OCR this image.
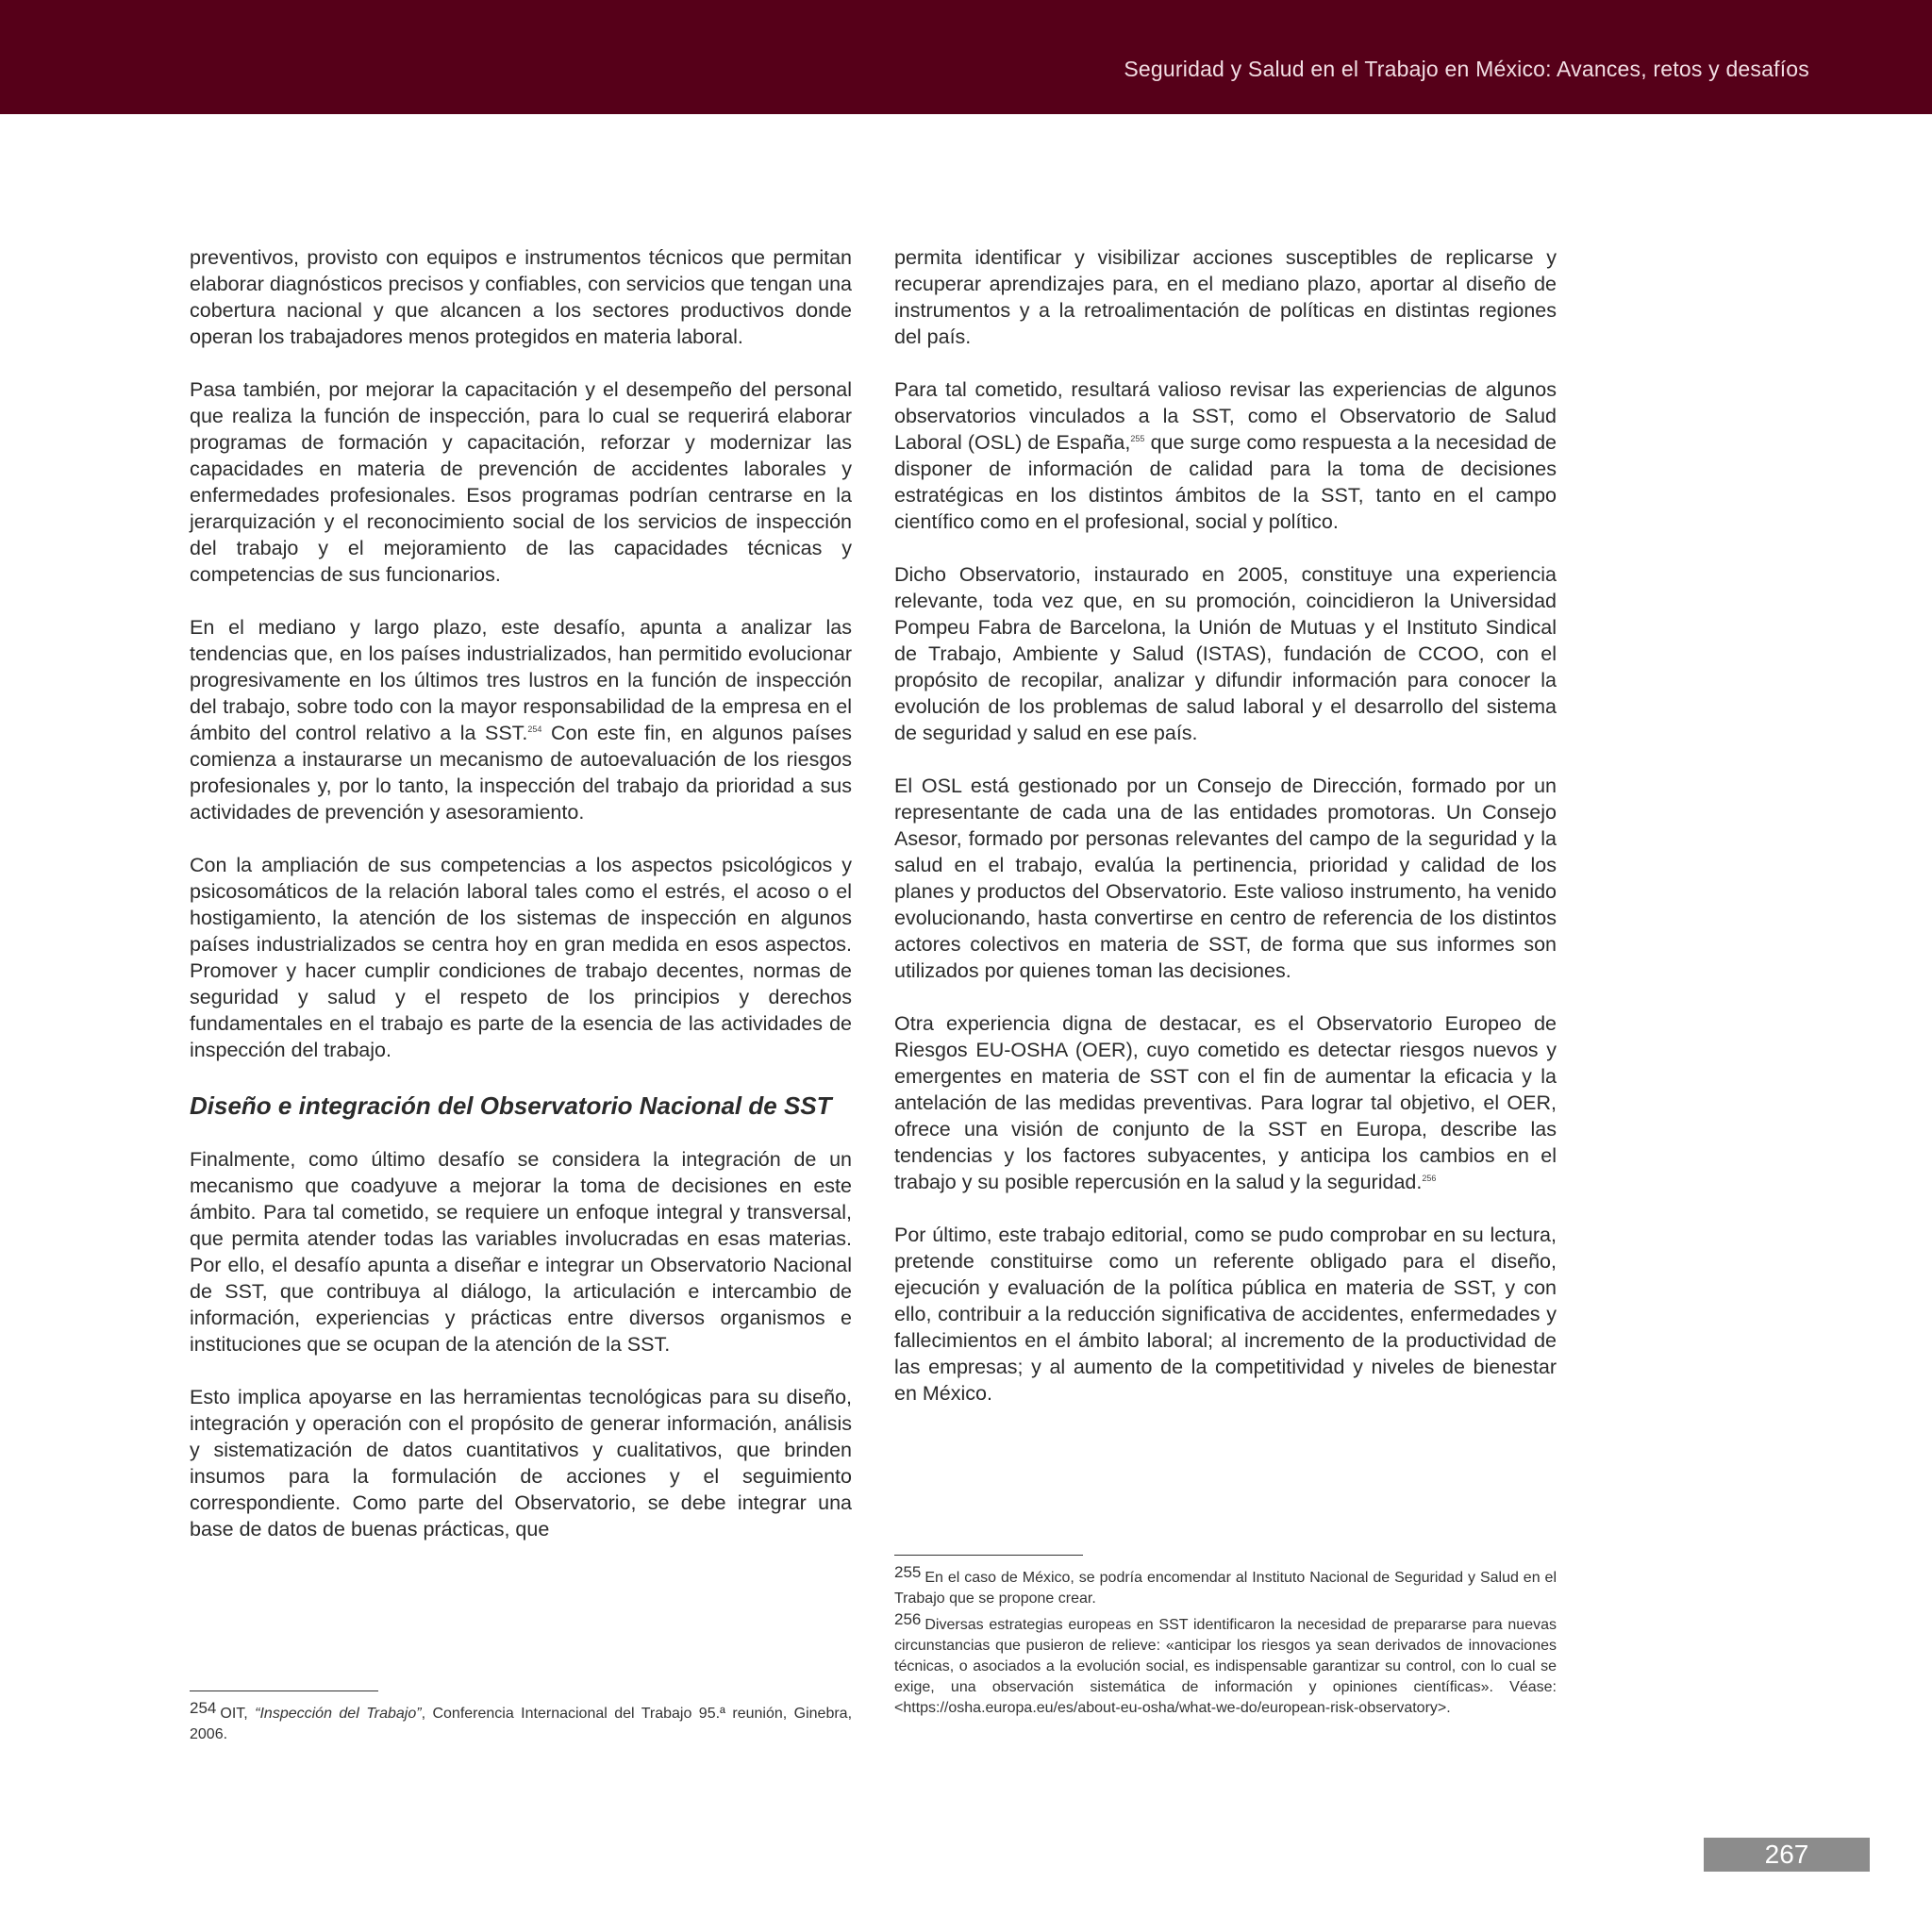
Seguridad y Salud en el Trabajo en México: Avances, retos y desafíos

preventivos, provisto con equipos e instrumentos técnicos que permitan elaborar diagnósticos precisos y confiables, con servicios que tengan una cobertura nacional y que alcancen a los sectores productivos donde operan los trabajadores menos protegidos en materia laboral.

Pasa también, por mejorar la capacitación y el desempeño del personal que realiza la función de inspección, para lo cual se requerirá elaborar programas de formación y capacitación, reforzar y modernizar las capacidades en materia de prevención de accidentes laborales y enfermedades profesionales. Esos programas podrían centrarse en la jerarquización y el reconocimiento social de los servicios de inspección del trabajo y el mejoramiento de las capacidades técnicas y competencias de sus funcionarios.

En el mediano y largo plazo, este desafío, apunta a analizar las tendencias que, en los países industrializados, han permitido evolucionar progresivamente en los últimos tres lustros en la función de inspección del trabajo, sobre todo con la mayor responsabilidad de la empresa en el ámbito del control relativo a la SST.$^{254}$ Con este fin, en algunos países comienza a instaurarse un mecanismo de autoevaluación de los riesgos profesionales y, por lo tanto, la inspección del trabajo da prioridad a sus actividades de prevención y asesoramiento.

Con la ampliación de sus competencias a los aspectos psicológicos y psicosomáticos de la relación laboral tales como el estrés, el acoso o el hostigamiento, la atención de los sistemas de inspección en algunos países industrializados se centra hoy en gran medida en esos aspectos. Promover y hacer cumplir condiciones de trabajo decentes, normas de seguridad y salud y el respeto de los principios y derechos fundamentales en el trabajo es parte de la esencia de las actividades de inspección del trabajo.

Diseño e integración del Observatorio Nacional de SST

Finalmente, como último desafío se considera la integración de un mecanismo que coadyuve a mejorar la toma de decisiones en este ámbito. Para tal cometido, se requiere un enfoque integral y transversal, que permita atender todas las variables involucradas en esas materias. Por ello, el desafío apunta a diseñar e integrar un Observatorio Nacional de SST, que contribuya al diálogo, la articulación e intercambio de información, experiencias y prácticas entre diversos organismos e instituciones que se ocupan de la atención de la SST.

Esto implica apoyarse en las herramientas tecnológicas para su diseño, integración y operación con el propósito de generar información, análisis y sistematización de datos cuantitativos y cualitativos, que brinden insumos para la formulación de acciones y el seguimiento correspondiente. Como parte del Observatorio, se debe integrar una base de datos de buenas prácticas, que

permita identificar y visibilizar acciones susceptibles de replicarse y recuperar aprendizajes para, en el mediano plazo, aportar al diseño de instrumentos y a la retroalimentación de políticas en distintas regiones del país.

Para tal cometido, resultará valioso revisar las experiencias de algunos observatorios vinculados a la SST, como el Observatorio de Salud Laboral (OSL) de España,$^{255}$ que surge como respuesta a la necesidad de disponer de información de calidad para la toma de decisiones estratégicas en los distintos ámbitos de la SST, tanto en el campo científico como en el profesional, social y político.

Dicho Observatorio, instaurado en 2005, constituye una experiencia relevante, toda vez que, en su promoción, coincidieron la Universidad Pompeu Fabra de Barcelona, la Unión de Mutuas y el Instituto Sindical de Trabajo, Ambiente y Salud (ISTAS), fundación de CCOO, con el propósito de recopilar, analizar y difundir información para conocer la evolución de los problemas de salud laboral y el desarrollo del sistema de seguridad y salud en ese país.

El OSL está gestionado por un Consejo de Dirección, formado por un representante de cada una de las entidades promotoras. Un Consejo Asesor, formado por personas relevantes del campo de la seguridad y la salud en el trabajo, evalúa la pertinencia, prioridad y calidad de los planes y productos del Observatorio. Este valioso instrumento, ha venido evolucionando, hasta convertirse en centro de referencia de los distintos actores colectivos en materia de SST, de forma que sus informes son utilizados por quienes toman las decisiones.

Otra experiencia digna de destacar, es el Observatorio Europeo de Riesgos EU-OSHA (OER), cuyo cometido es detectar riesgos nuevos y emergentes en materia de SST con el fin de aumentar la eficacia y la antelación de las medidas preventivas. Para lograr tal objetivo, el OER, ofrece una visión de conjunto de la SST en Europa, describe las tendencias y los factores subyacentes, y anticipa los cambios en el trabajo y su posible repercusión en la salud y la seguridad.$^{256}$

Por último, este trabajo editorial, como se pudo comprobar en su lectura, pretende constituirse como un referente obligado para el diseño, ejecución y evaluación de la política pública en materia de SST, y con ello, contribuir a la reducción significativa de accidentes, enfermedades y fallecimientos en el ámbito laboral; al incremento de la productividad de las empresas; y al aumento de la competitividad y niveles de bienestar en México.

254 OIT, “Inspección del Trabajo”, Conferencia Internacional del Trabajo 95.ª reunión, Ginebra, 2006.

255 En el caso de México, se podría encomendar al Instituto Nacional de Seguridad y Salud en el Trabajo que se propone crear.

256 Diversas estrategias europeas en SST identificaron la necesidad de prepararse para nuevas circunstancias que pusieron de relieve: «anticipar los riesgos ya sean derivados de innovaciones técnicas, o asociados a la evolución social, es indispensable garantizar su control, con lo cual se exige, una observación sistemática de información y opiniones científicas». Véase: <https://osha.europa.eu/es/about-eu-osha/what-we-do/european-risk-observatory>.

267
